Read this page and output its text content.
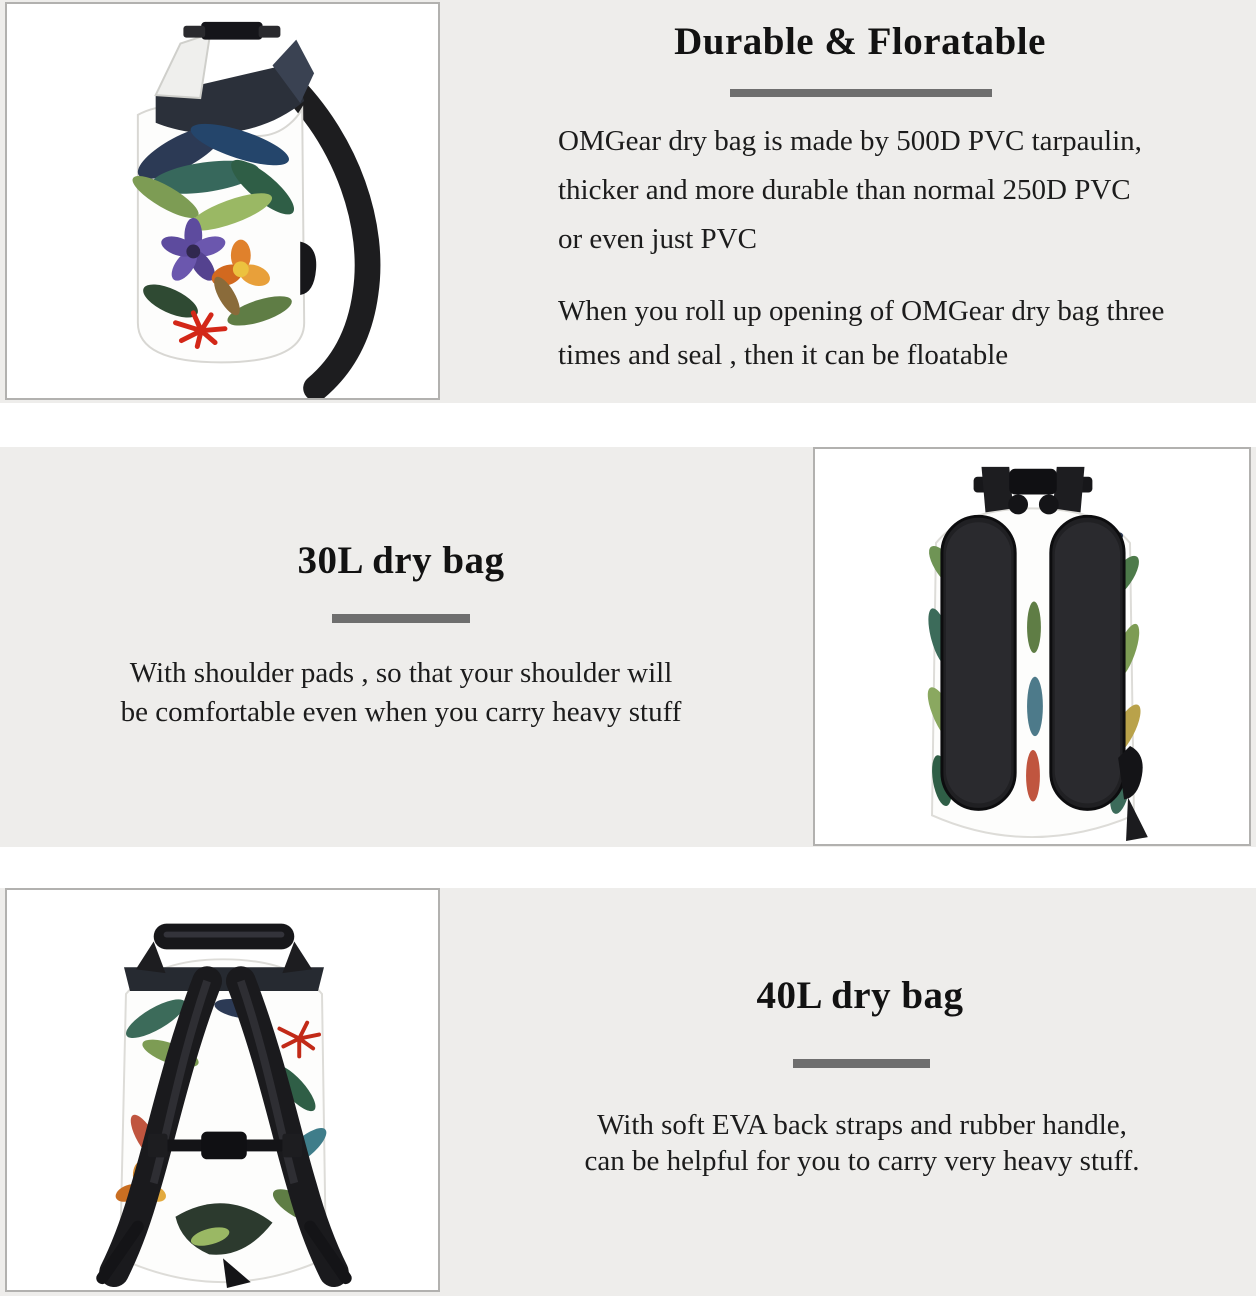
Durable & Floratable

OMGear dry bag is made by 500D PVC tarpaulin,
thicker and more durable than normal 250D PVC
or even just PVC

When you roll up opening of OMGear dry bag three
times and seal , then it can be floatable

30L dry bag

With shoulder pads , so that your shoulder will
be comfortable even when you carry heavy stuff

40L dry bag

With soft EVA back straps and rubber handle,
can be helpful for you to carry very heavy stuff.
